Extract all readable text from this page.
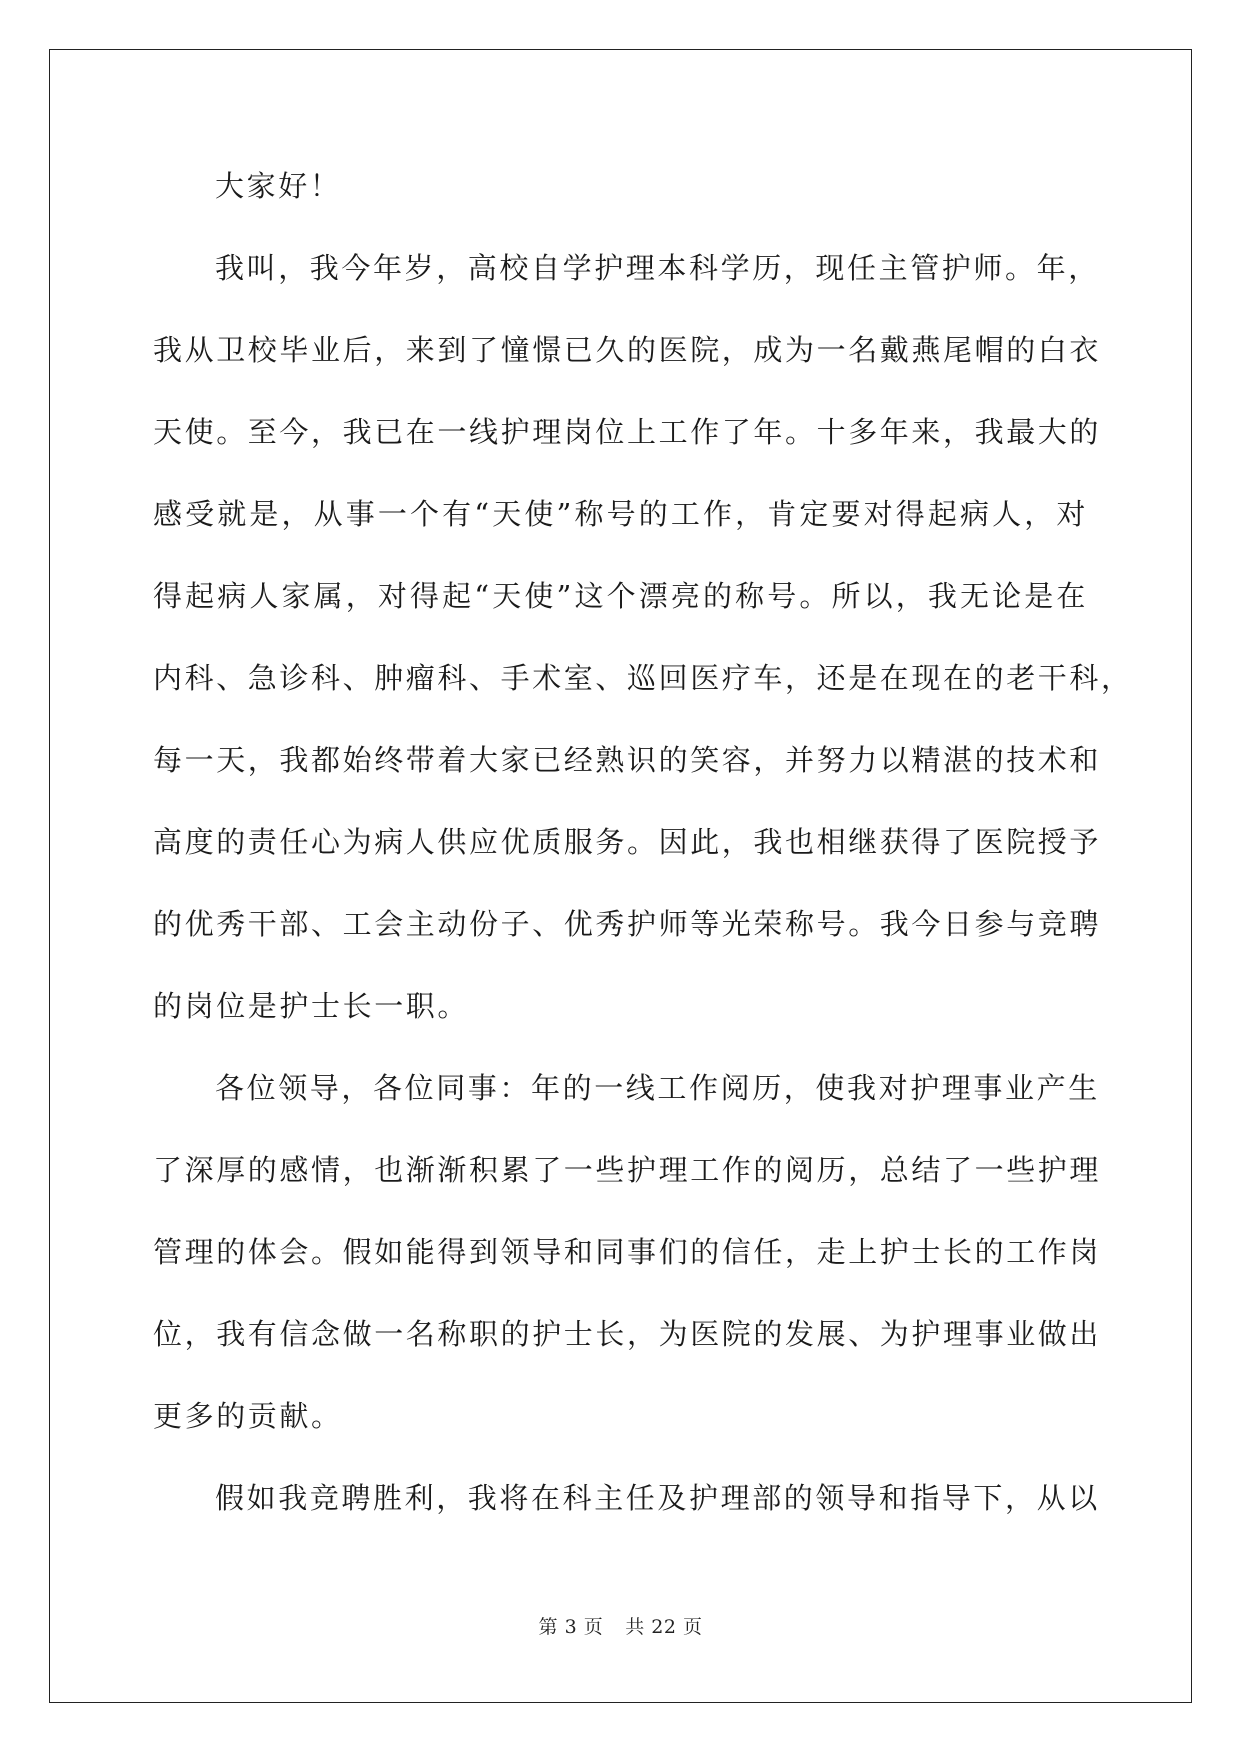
大家好！
我叫，我今年岁，高校自学护理本科学历，现任主管护师。年，
我从卫校毕业后，来到了憧憬已久的医院，成为一名戴燕尾帽的白衣
天使。至今，我已在一线护理岗位上工作了年。十多年来，我最大的
感受就是，从事一个有“天使”称号的工作，肯定要对得起病人，对
得起病人家属，对得起“天使”这个漂亮的称号。所以，我无论是在
内科、急诊科、肿瘤科、手术室、巡回医疗车，还是在现在的老干科，
每一天，我都始终带着大家已经熟识的笑容，并努力以精湛的技术和
高度的责任心为病人供应优质服务。因此，我也相继获得了医院授予
的优秀干部、工会主动份子、优秀护师等光荣称号。我今日参与竞聘
的岗位是护士长一职。
各位领导，各位同事：年的一线工作阅历，使我对护理事业产生
了深厚的感情，也渐渐积累了一些护理工作的阅历，总结了一些护理
管理的体会。假如能得到领导和同事们的信任，走上护士长的工作岗
位，我有信念做一名称职的护士长，为医院的发展、为护理事业做出
更多的贡献。
假如我竞聘胜利，我将在科主任及护理部的领导和指导下，从以
第 3 页 共 22 页
